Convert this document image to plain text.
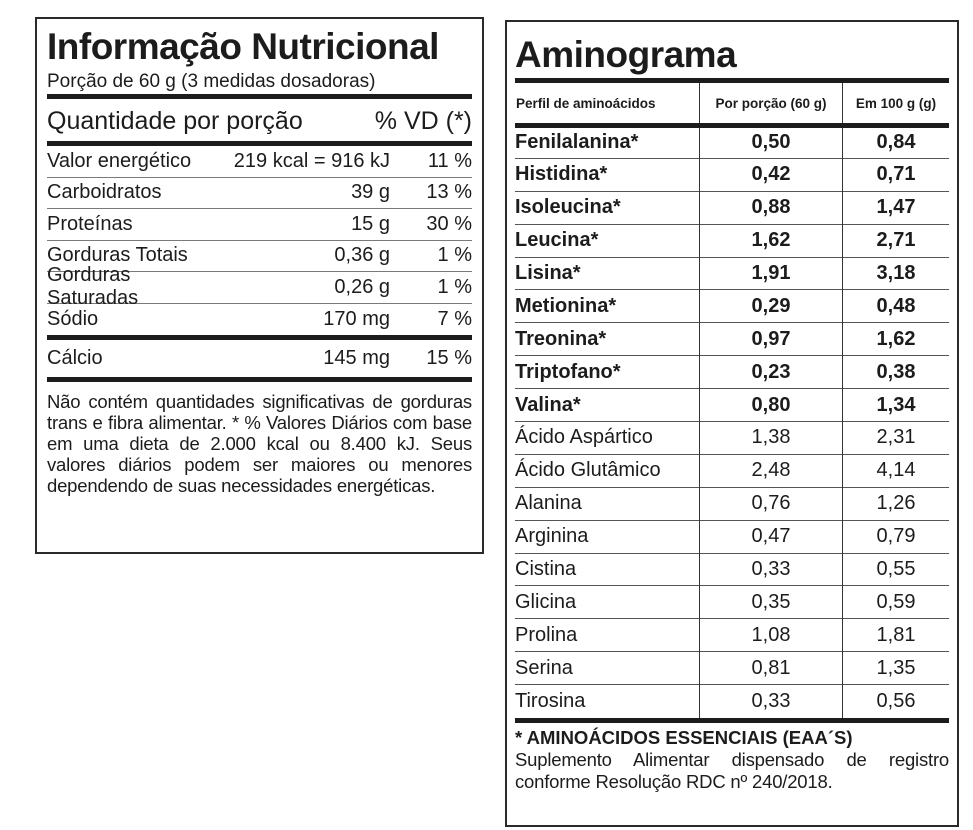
Informação Nutricional
Porção de 60 g (3 medidas dosadoras)
Quantidade por porção	% VD (*)
Valor energético	219 kcal = 916 kJ	11 %
Carboidratos	39 g	13 %
Proteínas	15 g	30 %
Gorduras Totais	0,36 g	1 %
Gorduras Saturadas
0,26 g	1 %
Sódio	170 mg	7 %
Cálcio	145 mg	15 %
Não contém quantidades significativas de gorduras trans e fibra alimentar. * % Valores Diários com base em uma dieta de 2.000 kcal ou 8.400 kJ. Seus valores diários podem ser maiores ou menores dependendo de suas necessidades energéticas.
Aminograma
Perfil de aminoácidos	Por porção (60 g)	Em 100 g (g)
Fenilalanina*	0,50	0,84
Histidina*	0,42	0,71
Isoleucina*	0,88	1,47
Leucina*	1,62	2,71
Lisina*	1,91	3,18
Metionina*	0,29	0,48
Treonina*	0,97	1,62
Triptofano*	0,23	0,38
Valina*	0,80	1,34
Ácido Aspártico	1,38	2,31
Ácido Glutâmico	2,48	4,14
Alanina	0,76	1,26
Arginina	0,47	0,79
Cistina	0,33	0,55
Glicina	0,35	0,59
Prolina	1,08	1,81
Serina	0,81	1,35
Tirosina	0,33	0,56
* AMINOÁCIDOS ESSENCIAIS (EAA´S)
Suplemento Alimentar dispensado de registro conforme Resolução RDC nº 240/2018.
